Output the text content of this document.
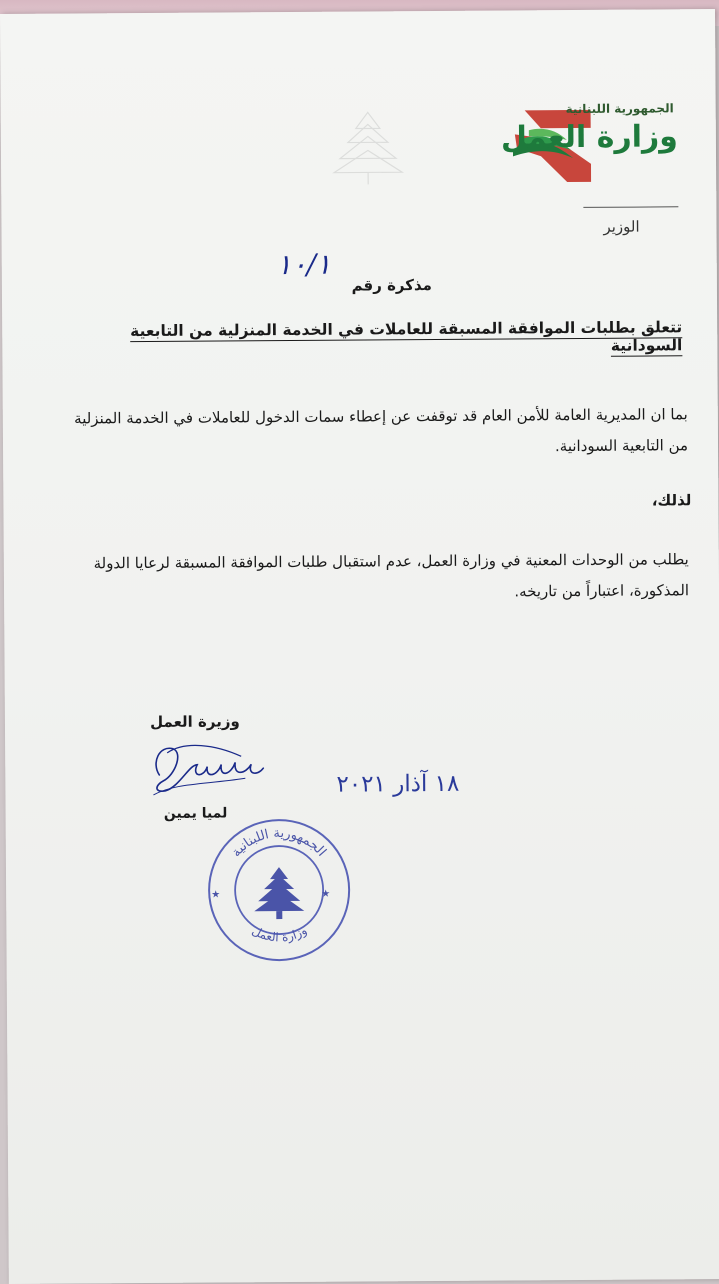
الجمهورية اللبنانية
وزارة العمل
الوزير
١٠/١
مذكرة رقم
تتعلق بطلبات الموافقة المسبقة للعاملات في الخدمة المنزلية من التابعية السودانية
بما ان المديرية العامة للأمن العام قد توقفت عن إعطاء سمات الدخول للعاملات في الخدمة المنزلية من التابعية السودانية.
لذلك،
يطلب من الوحدات المعنية في وزارة العمل، عدم استقبال طلبات الموافقة المسبقة لرعايا الدولة المذكورة، اعتباراً من تاريخه.
وزيرة العمل
لميا يمين
١٨ آذار ٢٠٢١
الجمهورية اللبنانية
وزارة العمل
★	★
